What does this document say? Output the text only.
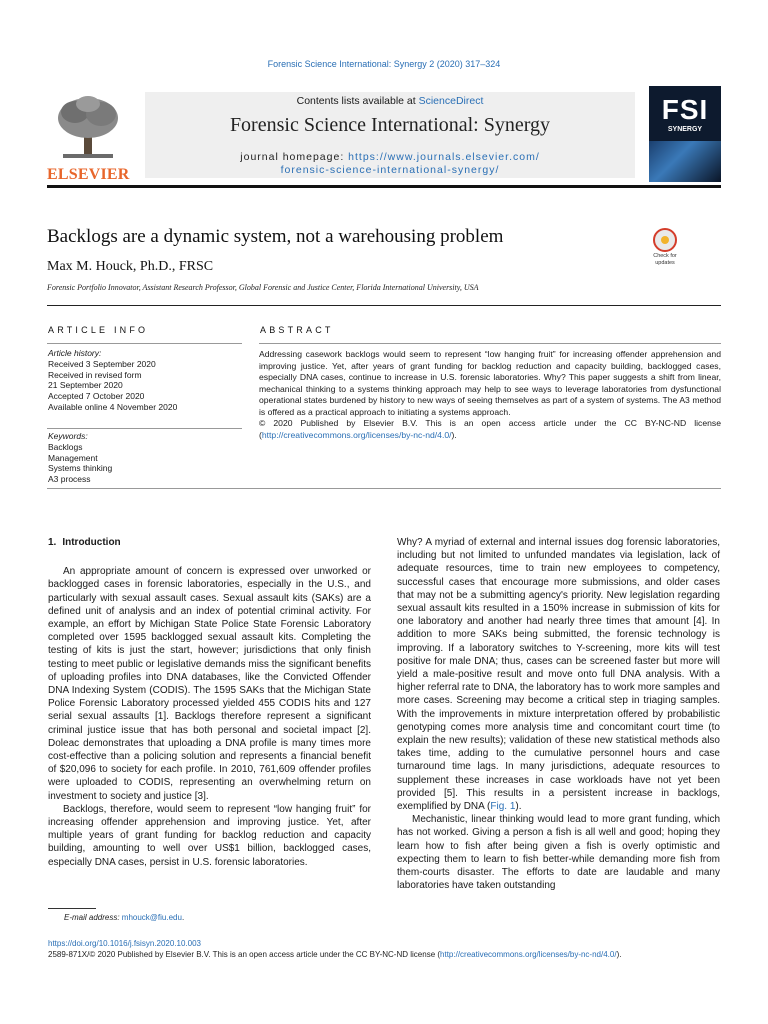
Forensic Science International: Synergy 2 (2020) 317–324
ELSEVIER
Contents lists available at ScienceDirect
Forensic Science International: Synergy
journal homepage: https://www.journals.elsevier.com/
forensic-science-international-synergy/
FSI
SYNERGY
Backlogs are a dynamic system, not a warehousing problem
Max M. Houck, Ph.D., FRSC
Forensic Portfolio Innovator, Assistant Research Professor, Global Forensic and Justice Center, Florida International University, USA
Check for
updates
ARTICLE INFO	ABSTRACT
Article history:
Received 3 September 2020
Received in revised form
21 September 2020
Accepted 7 October 2020
Available online 4 November 2020
Keywords:
Backlogs
Management
Systems thinking
A3 process

Addressing casework backlogs would seem to represent “low hanging fruit” for increasing offender apprehension and improving justice. Yet, after years of grant funding for backlog reduction and capacity building, backlogged cases, especially DNA cases, continue to increase in U.S. forensic laboratories. Why? This paper suggests a shift from linear, mechanical thinking to a systems thinking approach may help to see ways to leverage laboratories from dysfunctional operational states burdened by history to new ways of seeing themselves as part of a system of systems. The A3 method is offered as a practical approach to initiating a systems approach.

© 2020 Published by Elsevier B.V. This is an open access article under the CC BY-NC-ND license (http://creativecommons.org/licenses/by-nc-nd/4.0/).

1. Introduction

An appropriate amount of concern is expressed over unworked or backlogged cases in forensic laboratories, especially in the U.S., and particularly with sexual assault cases. Sexual assault kits (SAKs) are a defined unit of analysis and an index of potential criminal activity. For example, an effort by Michigan State Police State Forensic Laboratory completed over 1595 backlogged sexual assault kits. Completing the testing of kits is just the start, however; jurisdictions that only finish testing to meet public or legislative demands miss the significant benefits of uploading profiles into DNA databases, like the Convicted Offender DNA Indexing System (CODIS). The 1595 SAKs that the Michigan State Police Forensic Laboratory processed yielded 455 CODIS hits and 127 serial sexual assaults [1]. Backlogs therefore represent a significant criminal justice issue that has both personal and societal impact [2]. Doleac demonstrates that uploading a DNA profile is many times more cost-effective than a policing solution and represents a financial benefit of $20,096 to society for each profile. In 2010, 761,609 offender profiles were uploaded to CODIS, representing an overwhelming return on investment to society and justice [3].

Backlogs, therefore, would seem to represent “low hanging fruit” for increasing offender apprehension and improving justice. Yet, after multiple years of grant funding for backlog reduction and capacity building, amounting to well over US$1 billion, backlogged cases, especially DNA cases, persist in U.S. forensic laboratories.

Why? A myriad of external and internal issues dog forensic laboratories, including but not limited to unfunded mandates via legislation, lack of adequate resources, time to train new employees to competency, successful cases that encourage more submissions, and older cases that may not be a submitting agency's priority. New legislation regarding sexual assault kits resulted in a 150% increase in submission of kits for one laboratory and another had nearly three times that amount [4]. In addition to more SAKs being submitted, the forensic technology is improving. If a laboratory switches to Y-screening, more kits will test positive for male DNA; thus, cases can be screened faster but more will yield a male-positive result and move onto full DNA analysis. With a higher referral rate to DNA, the laboratory has to work more samples and more cases. Screening may become a critical step in triaging samples. With the improvements in mixture interpretation offered by probabilistic genotyping comes more analysis time and concomitant court time (to explain the new results); validation of these new statistical methods also takes time, adding to the cumulative personnel hours and case turnaround time lags. In many jurisdictions, adequate resources to supplement these increases in case workloads have not yet been provided [5]. This results in a persistent increase in backlogs, exemplified by DNA (Fig. 1).

Mechanistic, linear thinking would lead to more grant funding, which has not worked. Giving a person a fish is all well and good; hoping they learn how to fish after being given a fish is overly optimistic and expecting them to learn to fish better-while demanding more fish from them-courts disaster. The efforts to date are laudable and many laboratories have taken outstanding

E-mail address: mhouck@fiu.edu.
https://doi.org/10.1016/j.fsisyn.2020.10.003
2589-871X/© 2020 Published by Elsevier B.V. This is an open access article under the CC BY-NC-ND license (http://creativecommons.org/licenses/by-nc-nd/4.0/).
